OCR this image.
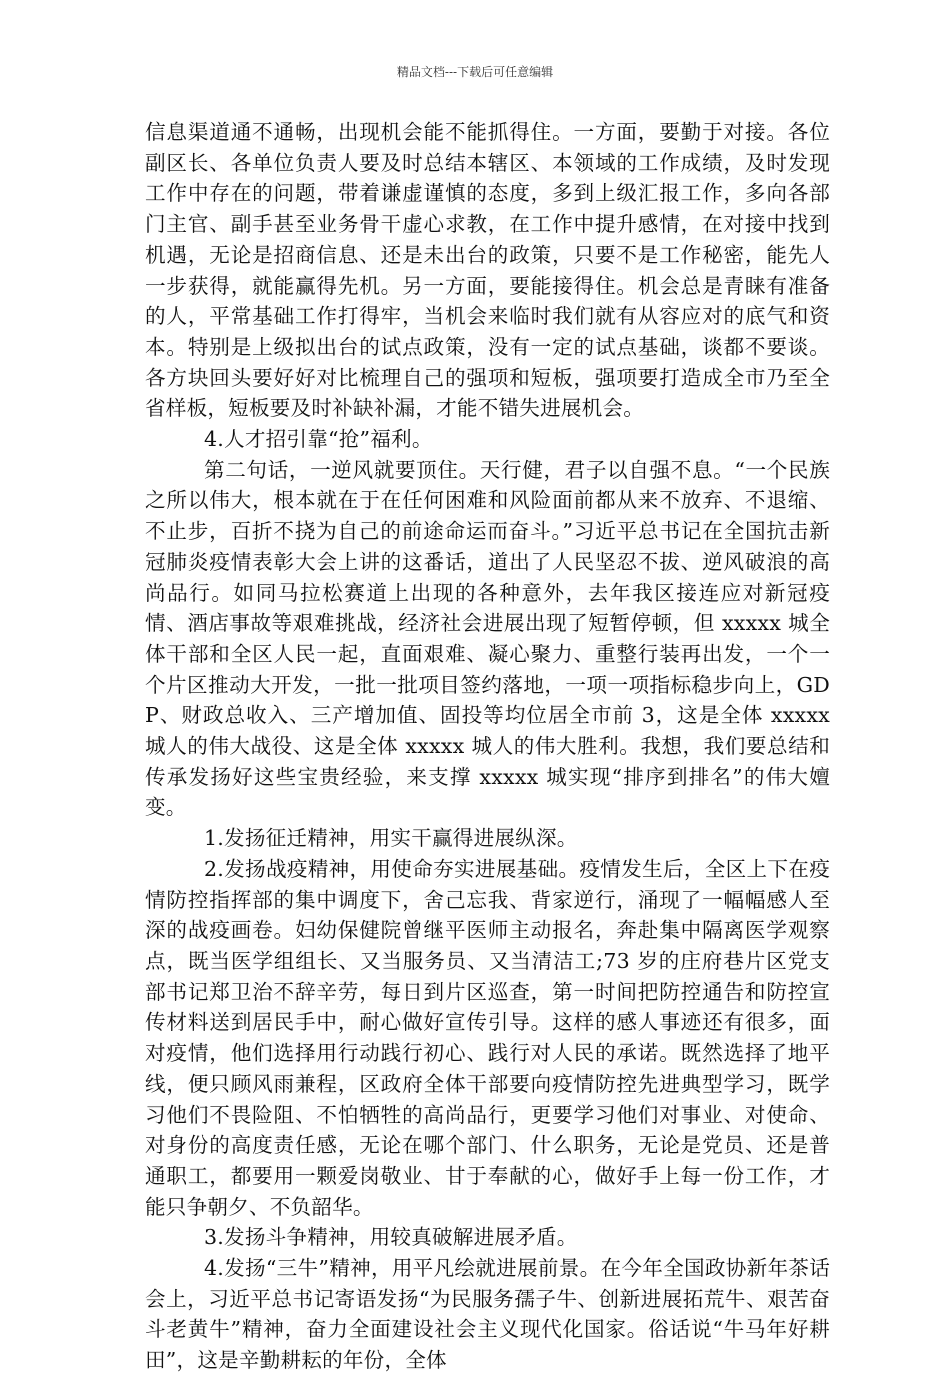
精品文档---下载后可任意编辑

信息渠道通不通畅，出现机会能不能抓得住。一方面，要勤于对接。各位副区长、各单位负责人要及时总结本辖区、本领域的工作成绩，及时发现工作中存在的问题，带着谦虚谨慎的态度，多到上级汇报工作，多向各部门主官、副手甚至业务骨干虚心求教，在工作中提升感情，在对接中找到机遇，无论是招商信息、还是未出台的政策，只要不是工作秘密，能先人一步获得，就能赢得先机。另一方面，要能接得住。机会总是青睐有准备的人，平常基础工作打得牢，当机会来临时我们就有从容应对的底气和资本。特别是上级拟出台的试点政策，没有一定的试点基础，谈都不要谈。各方块回头要好好对比梳理自己的强项和短板，强项要打造成全市乃至全省样板，短板要及时补缺补漏，才能不错失进展机会。

4.人才招引靠“抢”福利。

第二句话，一逆风就要顶住。天行健，君子以自强不息。“一个民族之所以伟大，根本就在于在任何困难和风险面前都从来不放弃、不退缩、不止步，百折不挠为自己的前途命运而奋斗。”习近平总书记在全国抗击新冠肺炎疫情表彰大会上讲的这番话，道出了人民坚忍不拔、逆风破浪的高尚品行。如同马拉松赛道上出现的各种意外，去年我区接连应对新冠疫情、酒店事故等艰难挑战，经济社会进展出现了短暂停顿，但 xxxxx 城全体干部和全区人民一起，直面艰难、凝心聚力、重整行装再出发，一个一个片区推动大开发，一批一批项目签约落地，一项一项指标稳步向上，GDP、财政总收入、三产增加值、固投等均位居全市前 3，这是全体 xxxxx 城人的伟大战役、这是全体 xxxxx 城人的伟大胜利。我想，我们要总结和传承发扬好这些宝贵经验，来支撑 xxxxx 城实现“排序到排名”的伟大嬗变。

1.发扬征迁精神，用实干赢得进展纵深。

2.发扬战疫精神，用使命夯实进展基础。疫情发生后，全区上下在疫情防控指挥部的集中调度下，舍己忘我、背家逆行，涌现了一幅幅感人至深的战疫画卷。妇幼保健院曾继平医师主动报名，奔赴集中隔离医学观察点，既当医学组组长、又当服务员、又当清洁工;73 岁的庄府巷片区党支部书记郑卫治不辞辛劳，每日到片区巡查，第一时间把防控通告和防控宣传材料送到居民手中，耐心做好宣传引导。这样的感人事迹还有很多，面对疫情，他们选择用行动践行初心、践行对人民的承诺。既然选择了地平线，便只顾风雨兼程，区政府全体干部要向疫情防控先进典型学习，既学习他们不畏险阻、不怕牺牲的高尚品行，更要学习他们对事业、对使命、对身份的高度责任感，无论在哪个部门、什么职务，无论是党员、还是普通职工，都要用一颗爱岗敬业、甘于奉献的心，做好手上每一份工作，才能只争朝夕、不负韶华。

3.发扬斗争精神，用较真破解进展矛盾。

4.发扬“三牛”精神，用平凡绘就进展前景。在今年全国政协新年茶话会上，习近平总书记寄语发扬“为民服务孺子牛、创新进展拓荒牛、艰苦奋斗老黄牛”精神，奋力全面建设社会主义现代化国家。俗话说“牛马年好耕田”，这是辛勤耕耘的年份，全体
